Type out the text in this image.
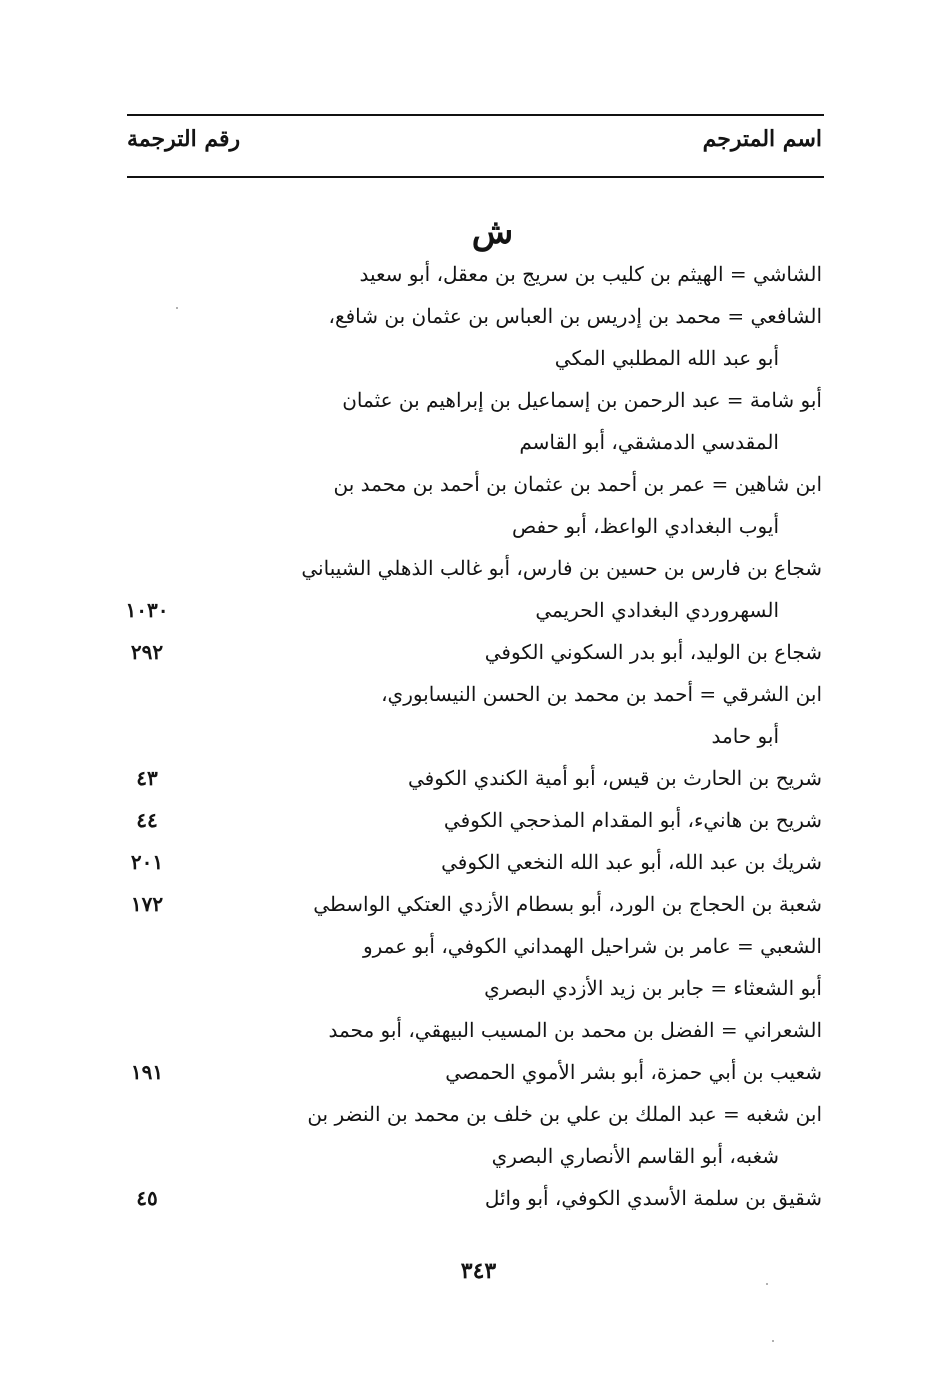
اسم المترجم
رقم الترجمة
ش
الشاشي = الهيثم بن كليب بن سريج بن معقل، أبو سعيد
الشافعي = محمد بن إدريس بن العباس بن عثمان بن شافع،
أبو عبد الله المطلبي المكي
أبو شامة = عبد الرحمن بن إسماعيل بن إبراهيم بن عثمان
المقدسي الدمشقي، أبو القاسم
ابن شاهين = عمر بن أحمد بن عثمان بن أحمد بن محمد بن
أيوب البغدادي الواعظ، أبو حفص
شجاع بن فارس بن حسين بن فارس، أبو غالب الذهلي الشيباني
السهروردي البغدادي الحريمي
١٠٣٠
شجاع بن الوليد، أبو بدر السكوني الكوفي
٢٩٢
ابن الشرقي = أحمد بن محمد بن الحسن النيسابوري،
أبو حامد
شريح بن الحارث بن قيس، أبو أمية الكندي الكوفي
٤٣
شريح بن هانيء، أبو المقدام المذحجي الكوفي
٤٤
شريك بن عبد الله، أبو عبد الله النخعي الكوفي
٢٠١
شعبة بن الحجاج بن الورد، أبو بسطام الأزدي العتكي الواسطي
١٧٢
الشعبي = عامر بن شراحيل الهمداني الكوفي، أبو عمرو
أبو الشعثاء = جابر بن زيد الأزدي البصري
الشعراني = الفضل بن محمد بن المسيب البيهقي، أبو محمد
شعيب بن أبي حمزة، أبو بشر الأموي الحمصي
١٩١
ابن شغبه = عبد الملك بن علي بن خلف بن محمد بن النضر بن
شغبه، أبو القاسم الأنصاري البصري
شقيق بن سلمة الأسدي الكوفي، أبو وائل
٤٥
٣٤٣
